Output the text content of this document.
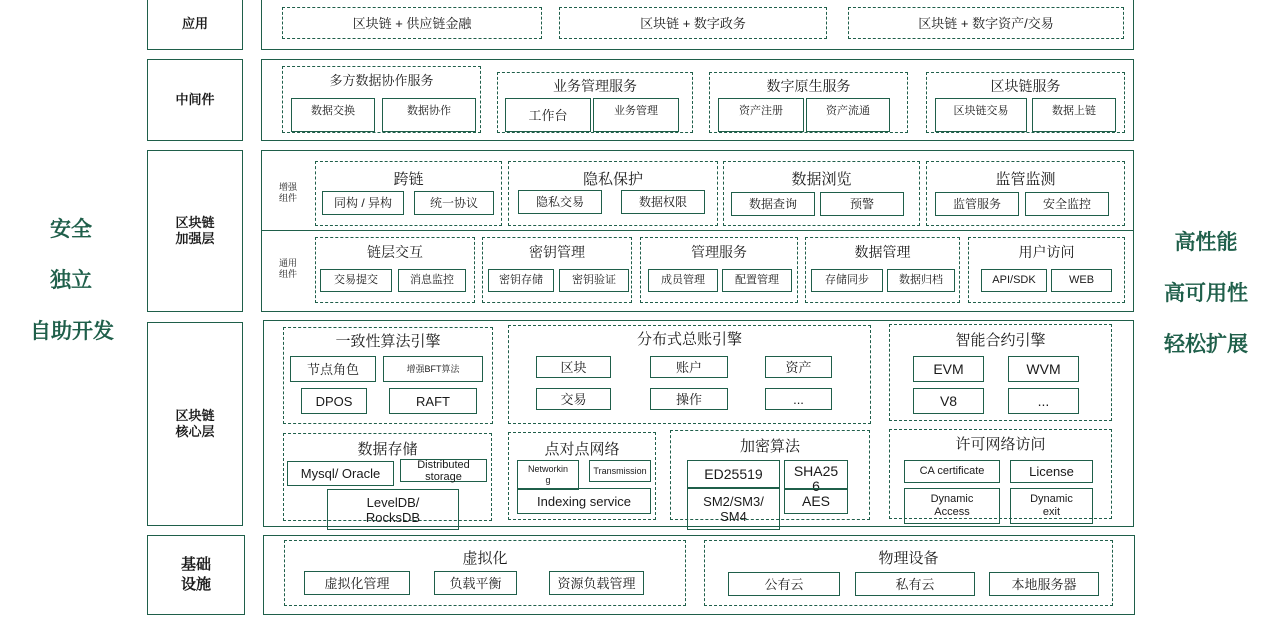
安全
独立
自助开发
高性能
高可用性
轻松扩展
应用
中间件
区块链
加强层
区块链
核心层
基础
设施
区块链 + 供应链金融	区块链 + 数字政务	区块链 + 数字资产/交易
多方数据协作服务
数据交换	数据协作
业务管理服务
工作台	业务管理
数字原生服务
资产注册	资产流通
区块链服务
区块链交易	数据上链
增强
组件
通用
组件
跨链
同构 / 异构	统一协议
隐私保护
隐私交易	数据权限
数据浏览
数据查询	预警
监管监测
监管服务	安全监控
链层交互
交易提交	消息监控
密钥管理
密钥存储	密钥验证
管理服务
成员管理	配置管理
数据管理
存储同步	数据归档
用户访问
API/SDK	WEB
一致性算法引擎
节点角色	增强BFT算法
DPOS	RAFT
分布式总账引擎
区块	账户	资产
交易	操作	...
智能合约引擎
EVM	WVM
V8	...
数据存储
Mysql/ Oracle
Distributed
storage
LevelDB/
RocksDB
点对点网络
Networkin
g
Transmission
Indexing service
加密算法
ED25519	SHA25
6
SM2/SM3/
SM4
AES
许可网络访问
CA certificate	License
Dynamic
Access
Dynamic
exit
虚拟化
虚拟化管理	负载平衡	资源负载管理
物理设备
公有云	私有云	本地服务器
